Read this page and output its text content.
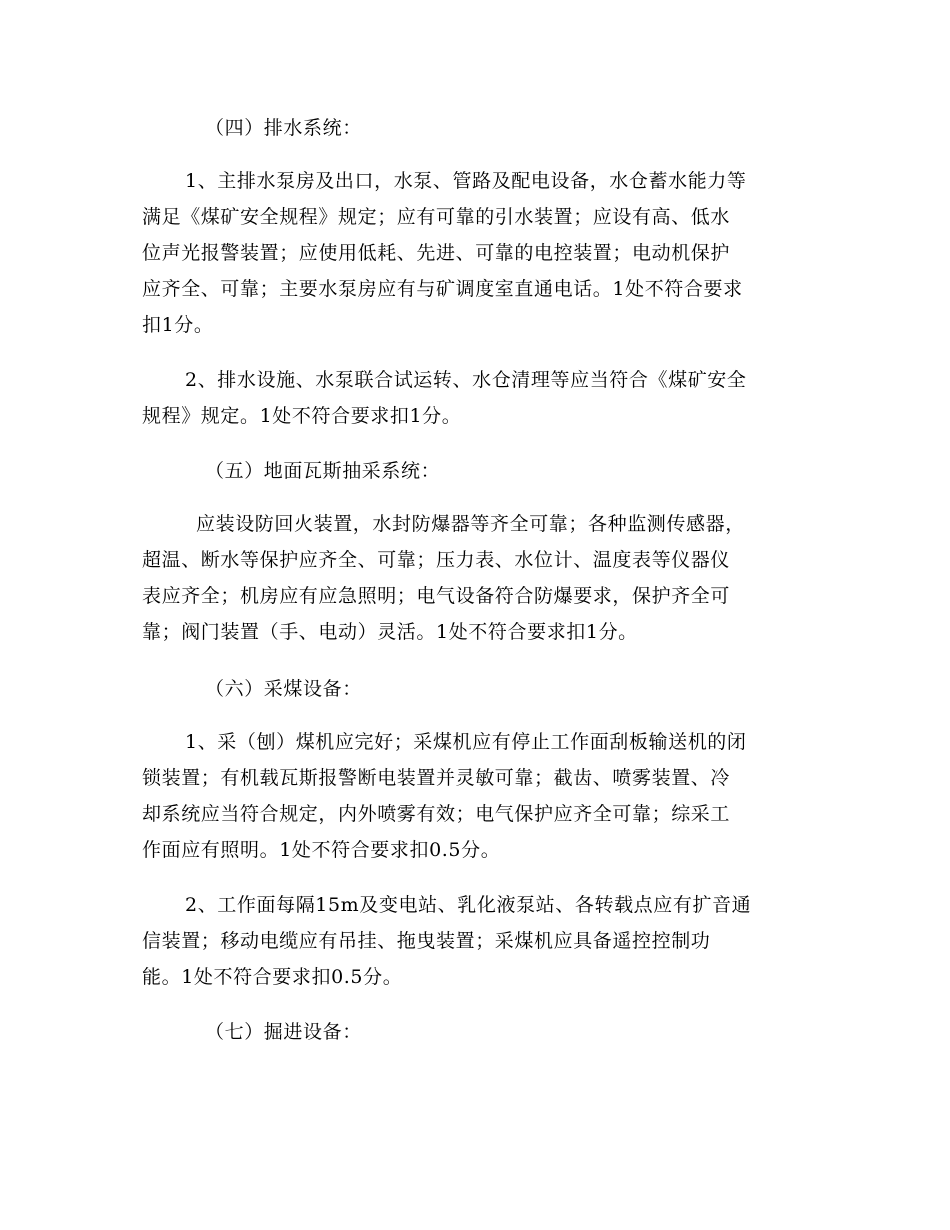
（四）排水系统：
1、主排水泵房及出口，水泵、管路及配电设备，水仓蓄水能力等
满足《煤矿安全规程》规定；应有可靠的引水装置；应设有高、低水
位声光报警装置；应使用低耗、先进、可靠的电控装置；电动机保护
应齐全、可靠；主要水泵房应有与矿调度室直通电话。1处不符合要求
扣1分。
2、排水设施、水泵联合试运转、水仓清理等应当符合《煤矿安全
规程》规定。1处不符合要求扣1分。
（五）地面瓦斯抽采系统：
应装设防回火装置，水封防爆器等齐全可靠；各种监测传感器，
超温、断水等保护应齐全、可靠；压力表、水位计、温度表等仪器仪
表应齐全；机房应有应急照明；电气设备符合防爆要求，保护齐全可
靠；阀门装置（手、电动）灵活。1处不符合要求扣1分。
（六）采煤设备：
1、采（刨）煤机应完好；采煤机应有停止工作面刮板输送机的闭
锁装置；有机载瓦斯报警断电装置并灵敏可靠；截齿、喷雾装置、冷
却系统应当符合规定，内外喷雾有效；电气保护应齐全可靠；综采工
作面应有照明。1处不符合要求扣0.5分。
2、工作面每隔15m及变电站、乳化液泵站、各转载点应有扩音通
信装置；移动电缆应有吊挂、拖曳装置；采煤机应具备遥控控制功
能。1处不符合要求扣0.5分。
（七）掘进设备：
